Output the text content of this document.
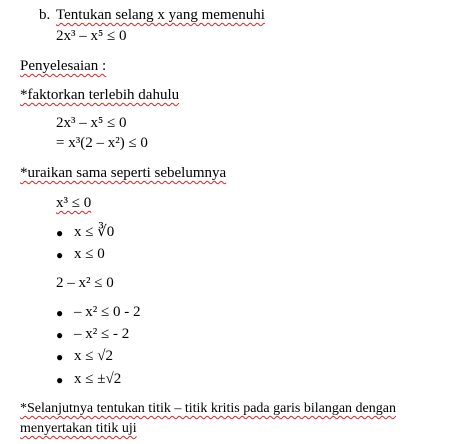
b. Tentukan selang x yang memenuhi
2x³ – x⁵ ≤ 0
Penyelesaian :
*faktorkan terlebih dahulu
2x³ – x⁵ ≤ 0
= x³(2 – x²) ≤ 0
*uraikan sama seperti sebelumnya
x³ ≤ 0
● x ≤ ∛0
● x ≤ 0
2 – x² ≤ 0
● – x² ≤ 0 - 2
● – x² ≤ - 2
● x ≤ √2
● x ≤ ±√2
*Selanjutnya tentukan titik – titik kritis pada garis bilangan dengan
menyertakan titik uji
